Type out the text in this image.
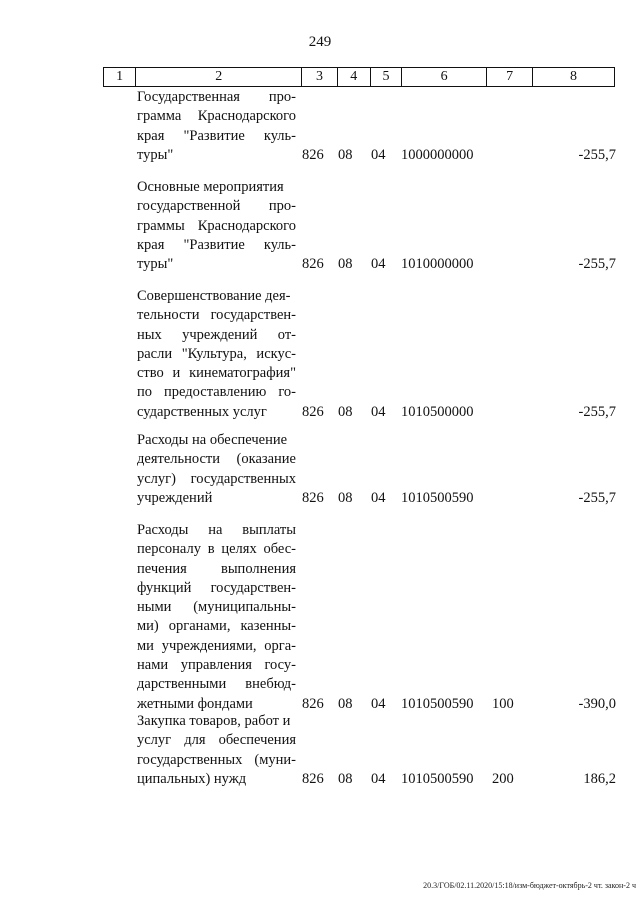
249
1	2	3	4	5	6	7	8
Государственная про-
грамма Краснодарского
края "Развитие куль-
туры"	826 08 04 1000000000	-255,7
Основные мероприятия
государственной про-
граммы Краснодарского
края "Развитие куль-
туры"	826 08 04 1010000000	-255,7
Совершенствование дея-
тельности государствен-
ных учреждений от-
расли "Культура, искус-
ство и кинематография"
по предоставлению го-
сударственных услуг	826 08 04 1010500000	-255,7
Расходы на обеспечение
деятельности (оказание
услуг) государственных
учреждений	826 08 04 1010500590	-255,7
Расходы на выплаты
персоналу в целях обес-
печения выполнения
функций государствен-
ными (муниципальны-
ми) органами, казенны-
ми учреждениями, орга-
нами управления госу-
дарственными внебюд-
жетными фондами	826 08 04 1010500590 100	-390,0
Закупка товаров, работ и
услуг для обеспечения
государственных (муни-
ципальных) нужд	826 08 04 1010500590 200	186,2
20.3/ГОБ/02.11.2020/15:18/изм-бюджет-октябрь-2 чт. закон-2 ч
